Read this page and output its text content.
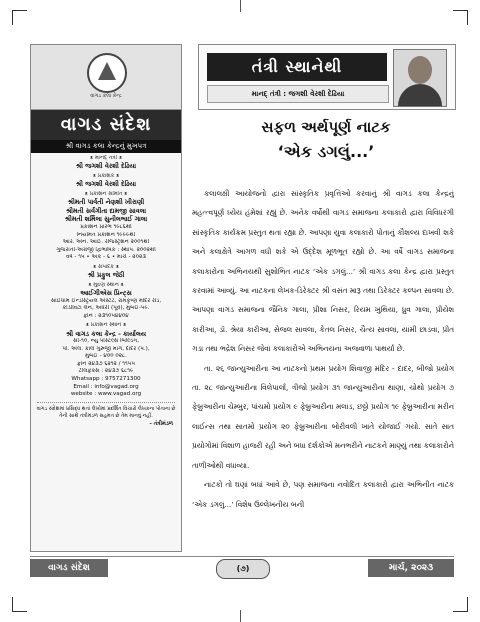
વાગડ કલા કેન્દ્ર
વાગડ સંદેશ
શ્રી વાગડ કલા કેન્દ્રનું મુખપત્ર
ᴥ માનદ્ તંત્રી ᴥ
શ્રી જગશી વેરશી દેઢિયા
ᴥ પ્રકાશક ᴥ
શ્રી જગશી વેરશી દેઢિયા
ᴥ પ્રકાશન સમિતિ ᴥ
શ્રીમતી પાર્વતી નેણશી ખીરાણી
શ્રીમતી સર્વગીતા દામજી સાવલા
શ્રીમતી શર્મિલા સુનીલભાઈ ગાલા
પ્રકાશન પ્રારંભ ૧૯૮૬થી
નિયમિત પ્રકાશન ૧૯૯૯થી
આર. એન. આઈ. રજિસ્ટ્રેશન ૨૦૦૧થી
ગુજરાતી-અંગ્રેજી દ્વિભાષિક : સ્થાપ. ૨૦૦૨થી
વર્ષ - ૧૫ • અંક - ૬ • માર્ચ - ૨૦૨૩
ᴥ સંપાદક ᴥ
શ્રી પ્રફુલ જેઠી
ᴥ મુદ્રણ સ્થાન ᴥ
આઈગીએસ પ્રિન્ટ્સ
સાઈધામ ઈન્ડસ્ટ્રિયલ એસ્ટેટ, રામકૃષ્ણ મંદિર રોડ,
કોંડીવિટા લેન, અંધેરી (પૂર્વ), મુંબઈ-૫૯.
ફોન : ૨૩૧૦૫૪૪૦૪
ᴥ પ્રકાશન સ્થાન ᴥ
શ્રી વાગડ કલા કેન્દ્ર - કાર્યાલય
સી-૧૦, ન્યુ પોસ્ટલ્સ બિલ્ડિંગ,
પી. એલ. કાલે ગુરુજી માર્ગ, દાદર (પ.),
મુંબઈ - ૪૦૦ ૦૨૮.
ફોન ૨૪૩૭ ૬૨૧૨ / ૧૧૫૫
ટેલિફેક્સ : ૨૪૩૭ ૬૮૧૯
Whatsapp : 9757271300
Email : info@vagad.org
website : www.vagad.org
વાગડ સંદેશમાં પ્રસિદ્ધ થતાં લેખોમાં પ્રદર્શિત વિચારો લેખકના પોતાના છે તેની સાથે તંત્રીમંડળ સહમત છે તેમ માનવું નહીં.
- તંત્રીમંડળ
તંત્રી સ્થાનેથી
માનદ્ તંત્રી : જગશી વેરશી દેઢિયા
સફળ અર્થપૂર્ણ નાટક
‘એક ડગલું...’

કલાલક્ષી આયોજનો દ્વારા સાંસ્કૃતિક પ્રવૃત્તિઓ કરવાનું શ્રી વાગડ કલા કેન્દ્રનું મહત્ત્વપૂર્ણ ધ્યેય હંમેશાં રહ્યું છે. અનેક વર્ષોથી વાગડ સમાજના કલાકારો દ્વારા વિવિધરંગી સાંસ્કૃતિક કાર્યક્રમ પ્રસ્તુત થતા રહ્યા છે. આપણા યુવા કલાકારો પોતાનું કૌશલ્ય દાખવી શકે અને કલાક્ષેત્રે આગળ વધી શકે એ ઉદ્દેશ મૂળભૂત રહ્યો છે. આ વર્ષે વાગડ સમાજના કલાકારોના અભિનયથી સુશોભિત નાટક ‘એક ડગલું...’ શ્રી વાગડ કલા કેન્દ્ર દ્વારા પ્રસ્તુત કરવામાં આવ્યું. આ નાટકના લેખક-ડિરેક્ટર શ્રી વસંત મારૂ તથા ડિરેક્ટર કલ્પન સાવલા છે. આપણા વાગડ સમાજના જૈનિક ગાલા, પ્રીશા નિસર, રિયમ ખુથિયા, ધ્રુવ ગાલા, પ્રીયેશ કારીઆ, ડૉ. શ્રેયા કારીઆ, સેજલ સાવલા, કેતલ નિસર, ચૈત્ય સાવલા, યામી છાડવા, પ્રીત ગડા તથા ભદ્રેશ નિસર જેવા કલાકારોએ અભિનયના અજવાળા પાથર્યા છે.

તા. ૨૬ જાન્યુઆરીના આ નાટકનો પ્રથમ પ્રયોગ શિવાજી મંદિર - દાદર, બીજો પ્રયોગ તા. ૨૮ જાન્યુઆરીના વિલેપાર્લા, ત્રીજો પ્રયોગ ૩૧ જાન્યુઆરીના થાણા, ચોથો પ્રયોગ ૭ ફેબ્રુઆરીના ચેમ્બુર, પાંચમો પ્રયોગ ૯ ફેબ્રુઆરીના મલાડ, છઠ્ઠો પ્રયોગ ૧૯ ફેબ્રુઆરીના મરીન લાઈન્સ તથા સાતમો પ્રયોગ ૨૦ ફેબ્રુઆરીના બોરીવલી ખાતે યોજાઈ ગયો. સાતે સાત પ્રયોગોમાં વિશાળ હાજરી રહી અને બધા દર્શકોએ મનભરીને નાટકને માણ્યું તથા કલાકારોને તાળીઓથી વધાવ્યા.

નાટકો તો ઘણાં બધાં આવે છે, પણ સમાજના નવોદિત કલાકારો દ્વારા અભિનીત નાટક ‘એક ડગલું...’ વિશેષ ઉલ્લેખનીય બની

વાગડ સંદેશ	(૭)	માર્ચ, ૨૦૨૩
